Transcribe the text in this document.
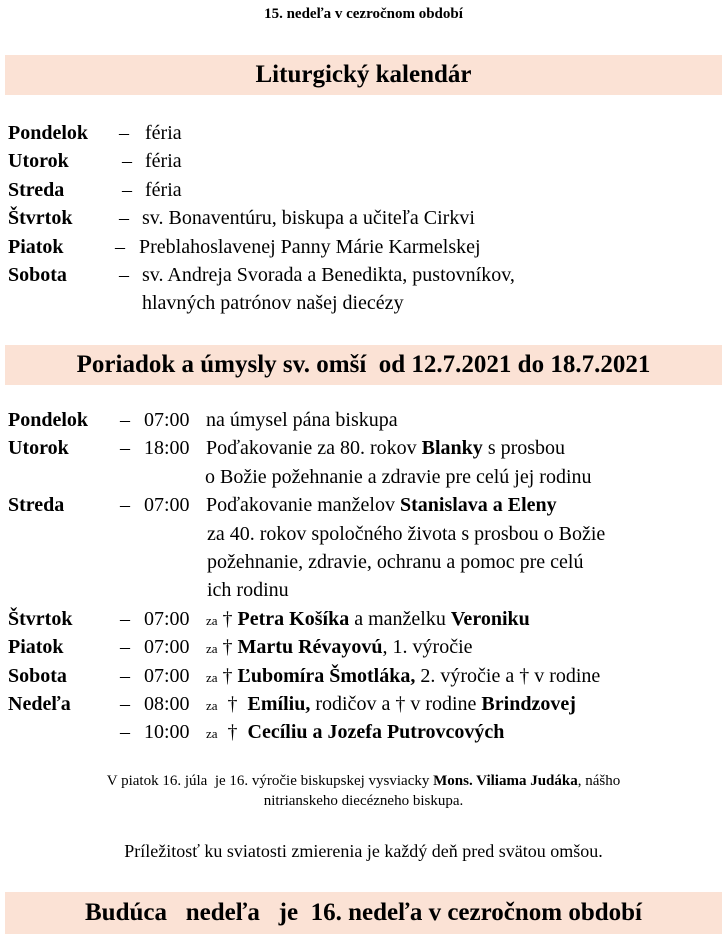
15. nedeľa v cezročnom období
Liturgický kalendár
Pondelok – féria
Utorok	– féria
Streda	– féria
Štvrtok – sv. Bonaventúru, biskupa a učiteľa Cirkvi
Piatok	– Preblahoslavenej Panny Márie Karmelskej
Sobota	– sv. Andreja Svorada a Benedikta, pustovníkov,
hlavných patrónov našej diecézy
Poriadok a úmysly sv. omší  od 12.7.2021 do 18.7.2021
Pondelok – 07:00 na úmysel pána biskupa
Utorok	– 18:00 Poďakovanie za 80. rokov Blanky s prosbou
o Božie požehnanie a zdravie pre celú jej rodinu
Streda	– 07:00 Poďakovanie manželov Stanislava a Eleny
za 40. rokov spoločného života s prosbou o Božie
požehnanie, zdravie, ochranu a pomoc pre celú
ich rodinu
Štvrtok – 07:00 za † Petra Košíka a manželku Veroniku
Piatok	– 07:00 za † Martu Révayovú, 1. výročie
Sobota	– 07:00 za † Ľubomíra Šmotláka, 2. výročie a † v rodine
Nedeľa – 08:00 za † Emíliu, rodičov a † v rodine Brindzovej
– 10:00 za † Cecíliu a Jozefa Putrovcových
V piatok 16. júla  je 16. výročie biskupskej vysviacky Mons. Viliama Judáka, nášho
nitrianskeho diecézneho biskupa.
Príležitosť ku sviatosti zmierenia je každý deň pred svätou omšou.
Budúca   nedeľa   je  16. nedeľa v cezročnom období
